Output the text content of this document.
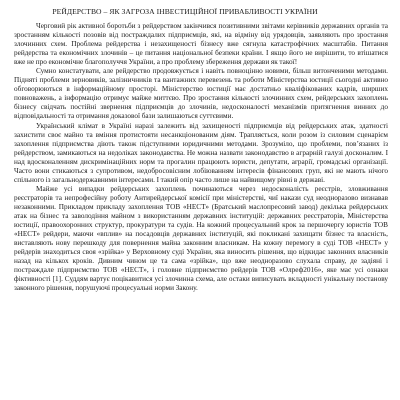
РЕЙДЕРСТВО – ЯК ЗАГРОЗА ІНВЕСТИЦІЙНОЇ ПРИВАБЛИВОСТІ УКРАЇНИ

Черговий рік активної боротьби з рейдерством закінчився позитивними звітами керівників державних органів та зростанням кількості позовів від постраждалих підприємців, які, на відміну від урядовців, заявляють про зростання злочинних схем. Проблема рейдерства і незахищеності бізнесу вже сягнула катастрофічних масштабів. Питання рейдерства та економічних злочинів – це питання національної безпеки країни. І якщо його не вирішити, то втішатися вже не про економічне благополуччя України, а про проблему збереження держави як такої!

Сумно констатувати, але рейдерство продовжується і навіть повноцінно новими, більш витонченими методами. Підняті проблеми зерновиків, залізничників та вантажних перевезень та роботи Міністерства юстиції сьогодні активно обговорюються в інформаційному просторі. Міністерство юстиції має достатньо кваліфікованих кадрів, ширших повноважень, а інформацію отримує майже миттєво. Про зростання кількості злочинних схем, рейдерських захоплень бізнесу свідчать постійні звернення підприємців до злочинів, недосконалості механізмів притягнення винних до відповідальності та отримання доказової бази залишаються суттєвими.

Український клімат в Україні наразі залежить від захищеності підприємців від рейдерських атак, здатності захистити своє майно та вміння протистояти несанкціонованим діям. Трапляється, коли розом із силовим сценарієм захоплення підприємства діють також підступними юридичними методами. Зрозуміло, що проблеми, пов’язаних із рейдерством, замикаються на недоліках законодавства. Не можна назвати законодавство в аграрній галузі досконалим. І над вдосконаленням дискримінаційних норм та прогалин працюють юристи, депутати, аграрії, громадські організації. Часто вони стикаються з супротивом, недобросовісним лобіюванням інтересів фінансових груп, які не мають нічого спільного із загальнодержавними інтересами. І такий опір часто лише на найвищому рівні в державі.

Майже усі випадки рейдерських захоплень починаються через недосконалість реєстрів, зловживання реєстраторів та непрофесійну роботу Антирейдерської комісії при міністерстві, чиї накази суд неодноразово визнавав незаконними. Прикладом прикладу захоплення ТОВ «НЕСТ» (Братський маслопресовий завод) декілька рейдерських атак на бізнес та заволодіння майном з використанням державних інституцій: державних реєстраторів, Міністерства юстиції, правоохоронних структур, прокуратури та судів. На кожний процесуальний крок за першочергу юристів ТОВ «НЕСТ» рейдери, маючи «вплив» на посадовців державних інституцій, які покликані захищати бізнес та власність, виставляють нову перешкоду для повернення майна законним власникам. На кожну перемогу в суді ТОВ «НЕСТ» у рейдерів знаходиться своя «зрійка» у Верховному суді України, яка виносить рішення, що відкидає законних власників назад на кількох кроків. Дивним чином це та сама «зрійка», що вже неодноразово слухала справу, де задіяні і постраждале підприємство ТОВ «НЕСТ», і головне підприємство рейдерів ТОВ «Олреф2016», яке має усі ознаки фіктивності [1]. Суддям вартує поцікавитися усі злочинна схема, але остаки виписувать вкладності унікальну постанову законного рішення, порушуючі процесуальні норми Закону.
